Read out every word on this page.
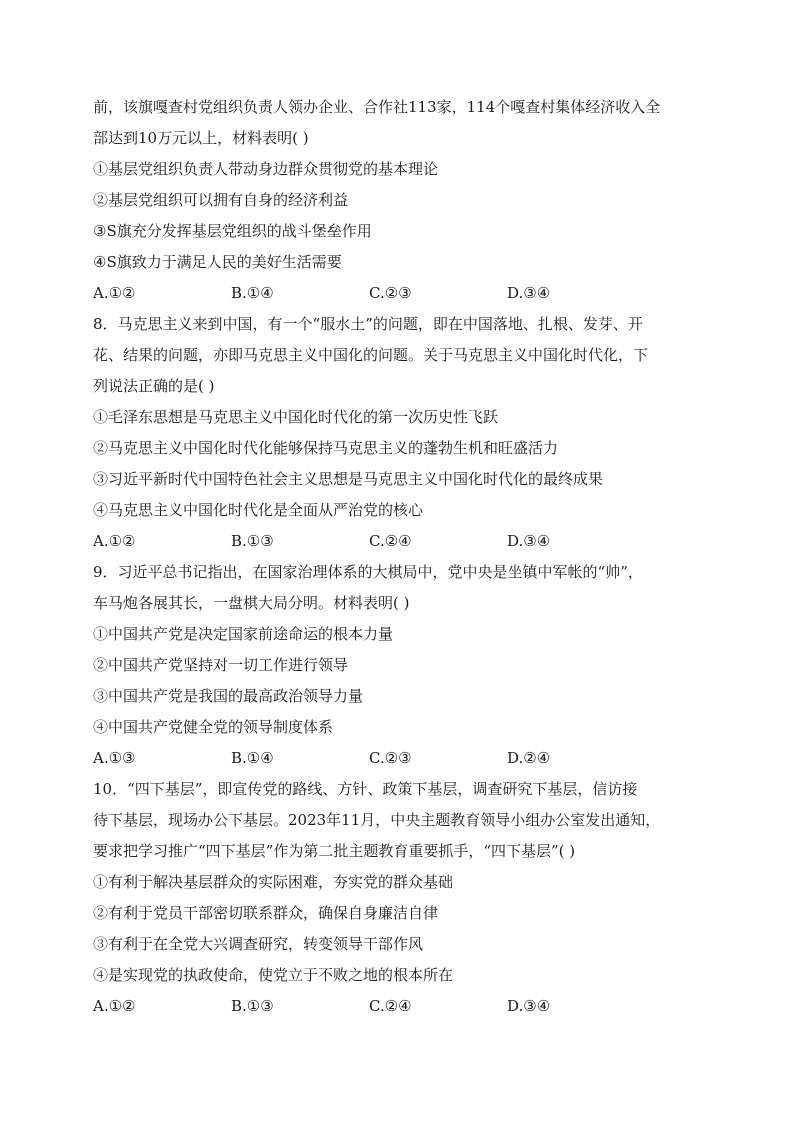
前，该旗嘎查村党组织负责人领办企业、合作社113家，114个嘎查村集体经济收入全
部达到10万元以上，材料表明( )
①基层党组织负责人带动身边群众贯彻党的基本理论
②基层党组织可以拥有自身的经济利益
③S旗充分发挥基层党组织的战斗堡垒作用
④S旗致力于满足人民的美好生活需要
A.①②	B.①④	C.②③	D.③④
8．马克思主义来到中国，有一个“服水土”的问题，即在中国落地、扎根、发芽、开
花、结果的问题，亦即马克思主义中国化的问题。关于马克思主义中国化时代化，下
列说法正确的是( )
①毛泽东思想是马克思主义中国化时代化的第一次历史性飞跃
②马克思主义中国化时代化能够保持马克思主义的蓬勃生机和旺盛活力
③习近平新时代中国特色社会主义思想是马克思主义中国化时代化的最终成果
④马克思主义中国化时代化是全面从严治党的核心
A.①②	B.①③	C.②④	D.③④
9．习近平总书记指出，在国家治理体系的大棋局中，党中央是坐镇中军帐的“帅”，
车马炮各展其长，一盘棋大局分明。材料表明( )
①中国共产党是决定国家前途命运的根本力量
②中国共产党坚持对一切工作进行领导
③中国共产党是我国的最高政治领导力量
④中国共产党健全党的领导制度体系
A.①③	B.①④	C.②③	D.②④
10．“四下基层”，即宣传党的路线、方针、政策下基层，调查研究下基层，信访接
待下基层，现场办公下基层。2023年11月，中央主题教育领导小组办公室发出通知，
要求把学习推广“四下基层”作为第二批主题教育重要抓手，“四下基层”( )
①有利于解决基层群众的实际困难，夯实党的群众基础
②有利于党员干部密切联系群众，确保自身廉洁自律
③有利于在全党大兴调查研究，转变领导干部作风
④是实现党的执政使命，使党立于不败之地的根本所在
A.①②	B.①③	C.②④	D.③④
